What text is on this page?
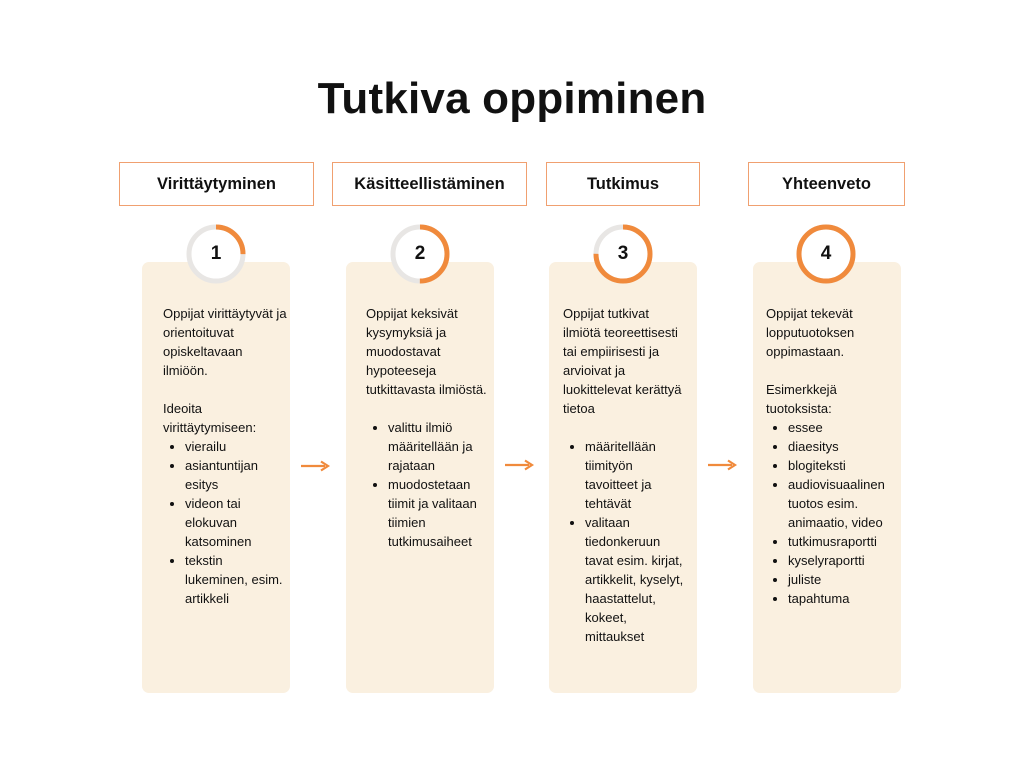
Tutkiva oppiminen
Virittäytyminen
1

Oppijat virittäytyvät ja orientoituvat opiskeltavaan ilmiöön.

Ideoita virittäytymiseen:

• vierailu
• asiantuntijan esitys
• videon tai elokuvan katsominen
• tekstin lukeminen, esim. artikkeli
Käsitteellistäminen
2

Oppijat keksivät kysymyksiä ja muodostavat hypoteeseja tutkittavasta ilmiöstä.

• valittu ilmiö määritellään ja rajataan
• muodostetaan tiimit ja valitaan tiimien tutkimusaiheet
Tutkimus
3

Oppijat tutkivat ilmiötä teoreettisesti tai empiirisesti ja arvioivat ja luokittelevat kerättyä tietoa

• määritellään tiimityön tavoitteet ja tehtävät
• valitaan tiedonkeruun tavat esim. kirjat, artikkelit, kyselyt, haastattelut, kokeet, mittaukset
Yhteenveto
4

Oppijat tekevät lopputuotoksen oppimastaan.

Esimerkkejä tuotoksista:

• essee
• diaesitys
• blogiteksti
• audiovisuaalinen tuotos esim. animaatio, video
• tutkimusraportti
• kyselyraportti
• juliste
• tapahtuma
